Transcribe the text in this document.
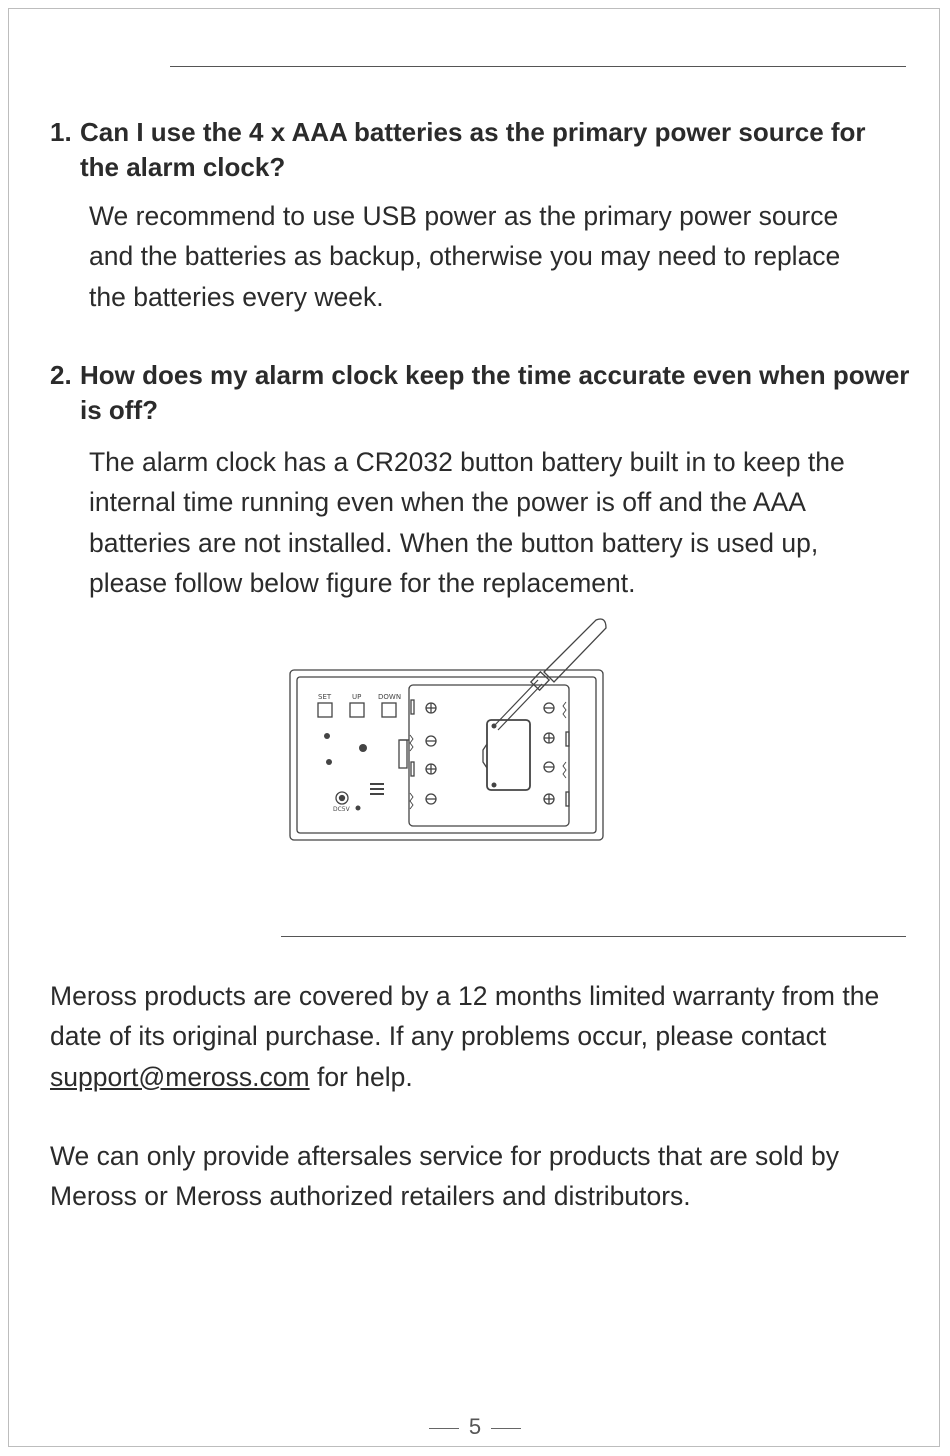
1. Can I use the 4 x AAA batteries as the primary power source for the alarm clock?
We recommend to use USB power as the primary power source and the batteries as backup, otherwise you may need to replace the batteries every week.
2. How does my alarm clock keep the time accurate even when power is off?
The alarm clock has a CR2032 button battery built in to keep the internal time running even when the power is off and the AAA batteries are not installed. When the button battery is used up, please follow below figure for the replacement.
SET	UP DOWN
DC5V
Meross products are covered by a 12 months limited warranty from the date of its original purchase. If any problems occur, please contact support@meross.com for help.
We can only provide aftersales service for products that are sold by Meross or Meross authorized retailers and distributors.
5
